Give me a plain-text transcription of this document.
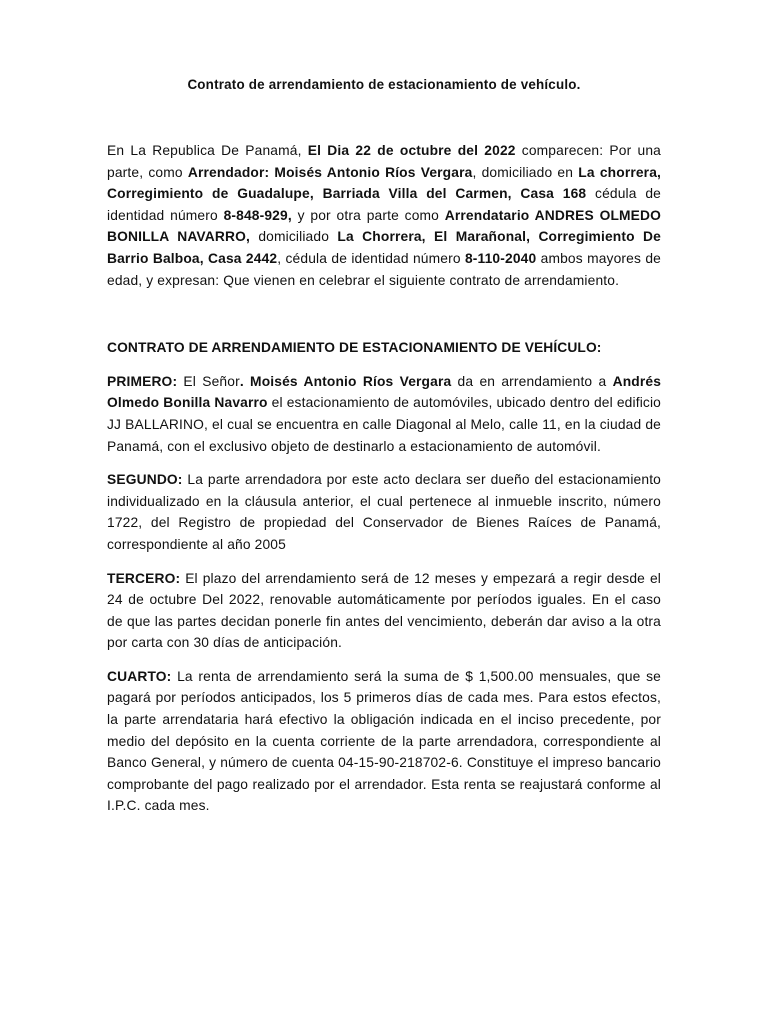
Contrato de arrendamiento de estacionamiento de vehículo.

En La Republica De Panamá, El Dia 22 de octubre del 2022 comparecen: Por una parte, como Arrendador: Moisés Antonio Ríos Vergara, domiciliado en La chorrera, Corregimiento de Guadalupe, Barriada Villa del Carmen, Casa 168 cédula de identidad número 8-848-929, y por otra parte como Arrendatario ANDRES OLMEDO BONILLA NAVARRO, domiciliado La Chorrera, El Marañonal, Corregimiento De Barrio Balboa, Casa 2442, cédula de identidad número 8-110-2040 ambos mayores de edad, y expresan: Que vienen en celebrar el siguiente contrato de arrendamiento.

CONTRATO DE ARRENDAMIENTO DE ESTACIONAMIENTO DE VEHÍCULO:

PRIMERO: El Señor. Moisés Antonio Ríos Vergara da en arrendamiento a Andrés Olmedo Bonilla Navarro el estacionamiento de automóviles, ubicado dentro del edificio JJ BALLARINO, el cual se encuentra en calle Diagonal al Melo, calle 11, en la ciudad de Panamá, con el exclusivo objeto de destinarlo a estacionamiento de automóvil.

SEGUNDO: La parte arrendadora por este acto declara ser dueño del estacionamiento individualizado en la cláusula anterior, el cual pertenece al inmueble inscrito, número 1722, del Registro de propiedad del Conservador de Bienes Raíces de Panamá, correspondiente al año 2005

TERCERO: El plazo del arrendamiento será de 12 meses y empezará a regir desde el 24 de octubre Del 2022, renovable automáticamente por períodos iguales. En el caso de que las partes decidan ponerle fin antes del vencimiento, deberán dar aviso a la otra por carta con 30 días de anticipación.

CUARTO: La renta de arrendamiento será la suma de $ 1,500.00 mensuales, que se pagará por períodos anticipados, los 5 primeros días de cada mes. Para estos efectos, la parte arrendataria hará efectivo la obligación indicada en el inciso precedente, por medio del depósito en la cuenta corriente de la parte arrendadora, correspondiente al Banco General, y número de cuenta 04-15-90-218702-6. Constituye el impreso bancario comprobante del pago realizado por el arrendador. Esta renta se reajustará conforme al I.P.C. cada mes.
